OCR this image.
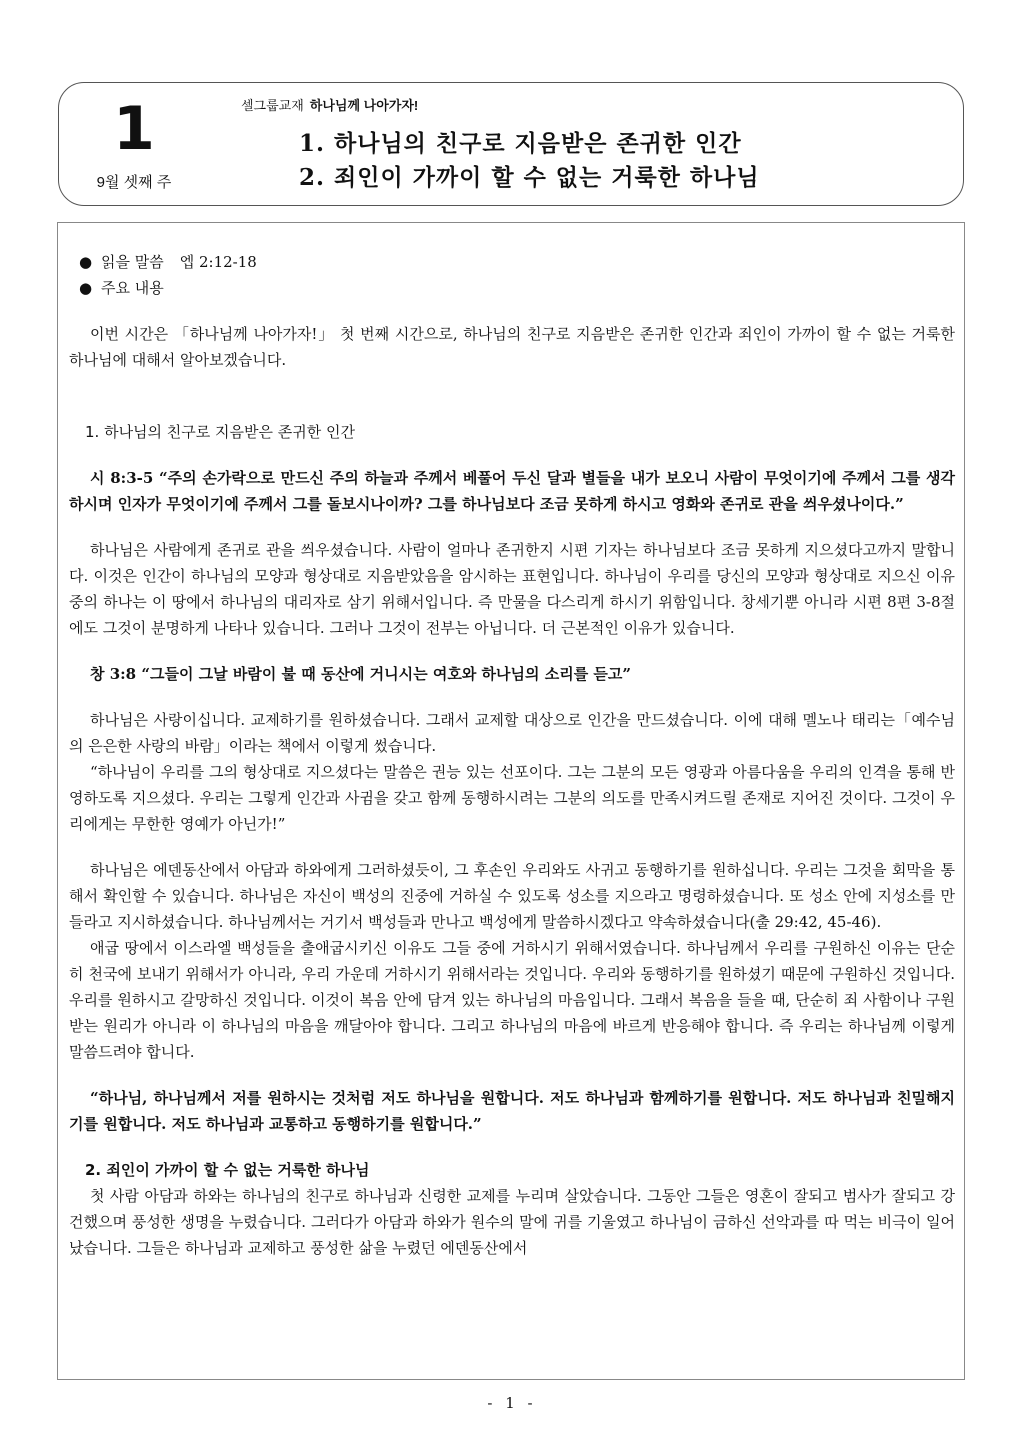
1
9월 셋째 주
셀그룹교재 하나님께 나아가자!
1. 하나님의 친구로 지음받은 존귀한 인간
2. 죄인이 가까이 할 수 없는 거룩한 하나님
● 읽을 말씀 엡 2:12-18
● 주요 내용

이번 시간은 「하나님께 나아가자!」 첫 번째 시간으로, 하나님의 친구로 지음받은 존귀한 인간과 죄인이 가까이 할 수 없는 거룩한 하나님에 대해서 알아보겠습니다.

1. 하나님의 친구로 지음받은 존귀한 인간

시 8:3-5 “주의 손가락으로 만드신 주의 하늘과 주께서 베풀어 두신 달과 별들을 내가 보오니 사람이 무엇이기에 주께서 그를 생각하시며 인자가 무엇이기에 주께서 그를 돌보시나이까? 그를 하나님보다 조금 못하게 하시고 영화와 존귀로 관을 씌우셨나이다.”

하나님은 사람에게 존귀로 관을 씌우셨습니다. 사람이 얼마나 존귀한지 시편 기자는 하나님보다 조금 못하게 지으셨다고까지 말합니다. 이것은 인간이 하나님의 모양과 형상대로 지음받았음을 암시하는 표현입니다. 하나님이 우리를 당신의 모양과 형상대로 지으신 이유 중의 하나는 이 땅에서 하나님의 대리자로 삼기 위해서입니다. 즉 만물을 다스리게 하시기 위함입니다. 창세기뿐 아니라 시편 8편 3-8절에도 그것이 분명하게 나타나 있습니다. 그러나 그것이 전부는 아닙니다. 더 근본적인 이유가 있습니다.

창 3:8 “그들이 그날 바람이 불 때 동산에 거니시는 여호와 하나님의 소리를 듣고”

하나님은 사랑이십니다. 교제하기를 원하셨습니다. 그래서 교제할 대상으로 인간을 만드셨습니다. 이에 대해 멜노나 태리는「예수님의 은은한 사랑의 바람」이라는 책에서 이렇게 썼습니다.

“하나님이 우리를 그의 형상대로 지으셨다는 말씀은 권능 있는 선포이다. 그는 그분의 모든 영광과 아름다움을 우리의 인격을 통해 반영하도록 지으셨다. 우리는 그렇게 인간과 사귐을 갖고 함께 동행하시려는 그분의 의도를 만족시켜드릴 존재로 지어진 것이다. 그것이 우리에게는 무한한 영예가 아닌가!”

하나님은 에덴동산에서 아담과 하와에게 그러하셨듯이, 그 후손인 우리와도 사귀고 동행하기를 원하십니다. 우리는 그것을 회막을 통해서 확인할 수 있습니다. 하나님은 자신이 백성의 진중에 거하실 수 있도록 성소를 지으라고 명령하셨습니다. 또 성소 안에 지성소를 만들라고 지시하셨습니다. 하나님께서는 거기서 백성들과 만나고 백성에게 말씀하시겠다고 약속하셨습니다(출 29:42, 45-46).

애굽 땅에서 이스라엘 백성들을 출애굽시키신 이유도 그들 중에 거하시기 위해서였습니다. 하나님께서 우리를 구원하신 이유는 단순히 천국에 보내기 위해서가 아니라, 우리 가운데 거하시기 위해서라는 것입니다. 우리와 동행하기를 원하셨기 때문에 구원하신 것입니다. 우리를 원하시고 갈망하신 것입니다. 이것이 복음 안에 담겨 있는 하나님의 마음입니다. 그래서 복음을 들을 때, 단순히 죄 사함이나 구원받는 원리가 아니라 이 하나님의 마음을 깨달아야 합니다. 그리고 하나님의 마음에 바르게 반응해야 합니다. 즉 우리는 하나님께 이렇게 말씀드려야 합니다.

“하나님, 하나님께서 저를 원하시는 것처럼 저도 하나님을 원합니다. 저도 하나님과 함께하기를 원합니다. 저도 하나님과 친밀해지기를 원합니다. 저도 하나님과 교통하고 동행하기를 원합니다.”

2. 죄인이 가까이 할 수 없는 거룩한 하나님

첫 사람 아담과 하와는 하나님의 친구로 하나님과 신령한 교제를 누리며 살았습니다. 그동안 그들은 영혼이 잘되고 범사가 잘되고 강건했으며 풍성한 생명을 누렸습니다. 그러다가 아담과 하와가 원수의 말에 귀를 기울였고 하나님이 금하신 선악과를 따 먹는 비극이 일어났습니다. 그들은 하나님과 교제하고 풍성한 삶을 누렸던 에덴동산에서

- 1 -
